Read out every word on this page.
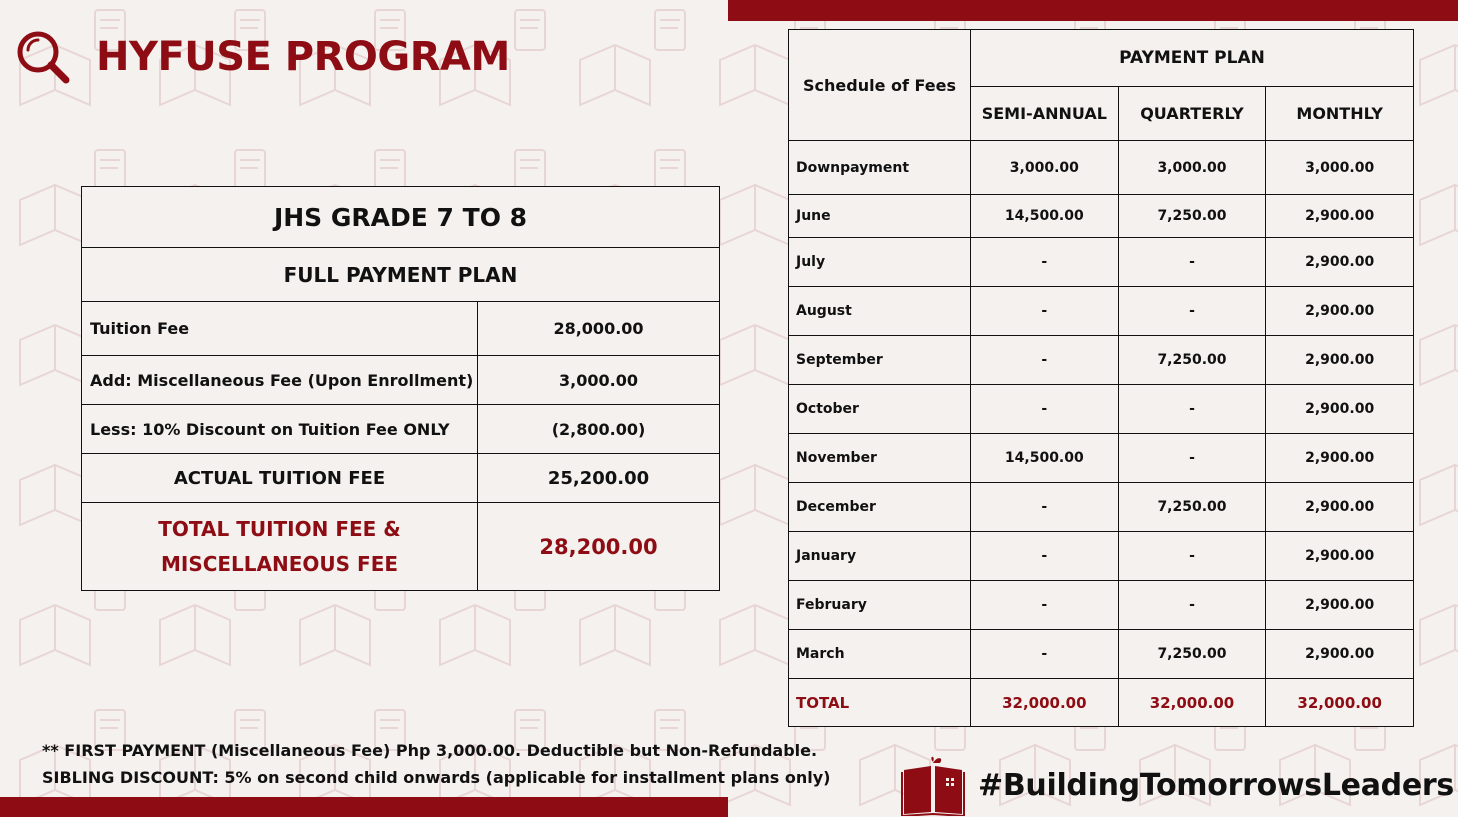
HYFUSE PROGRAM
JHS GRADE 7 TO 8	
FULL PAYMENT PLAN	
Tuition Fee	28,000.00
Add: Miscellaneous Fee (Upon Enrollment)	3,000.00
Less: 10% Discount on Tuition Fee ONLY	(2,800.00)
ACTUAL TUITION FEE	25,200.00

TOTAL TUITION FEE &
MISCELLANEOUS FEE	28,200.00
Schedule of Fees	PAYMENT PLAN		
	SEMI-ANNUAL	QUARTERLY	MONTHLY
Downpayment	3,000.00	3,000.00	3,000.00
June	14,500.00	7,250.00	2,900.00
July	-	-	2,900.00
August	-	-	2,900.00
September	-	7,250.00	2,900.00
October	-	-	2,900.00
November	14,500.00	-	2,900.00
December	-	7,250.00	2,900.00
January	-	-	2,900.00
February	-	-	2,900.00
March	-	7,250.00	2,900.00
TOTAL	32,000.00	32,000.00	32,000.00
** FIRST PAYMENT (Miscellaneous Fee) Php 3,000.00. Deductible but Non-Refundable.
SIBLING DISCOUNT: 5% on second child onwards (applicable for installment plans only)	#BuildingTomorrowsLeaders
